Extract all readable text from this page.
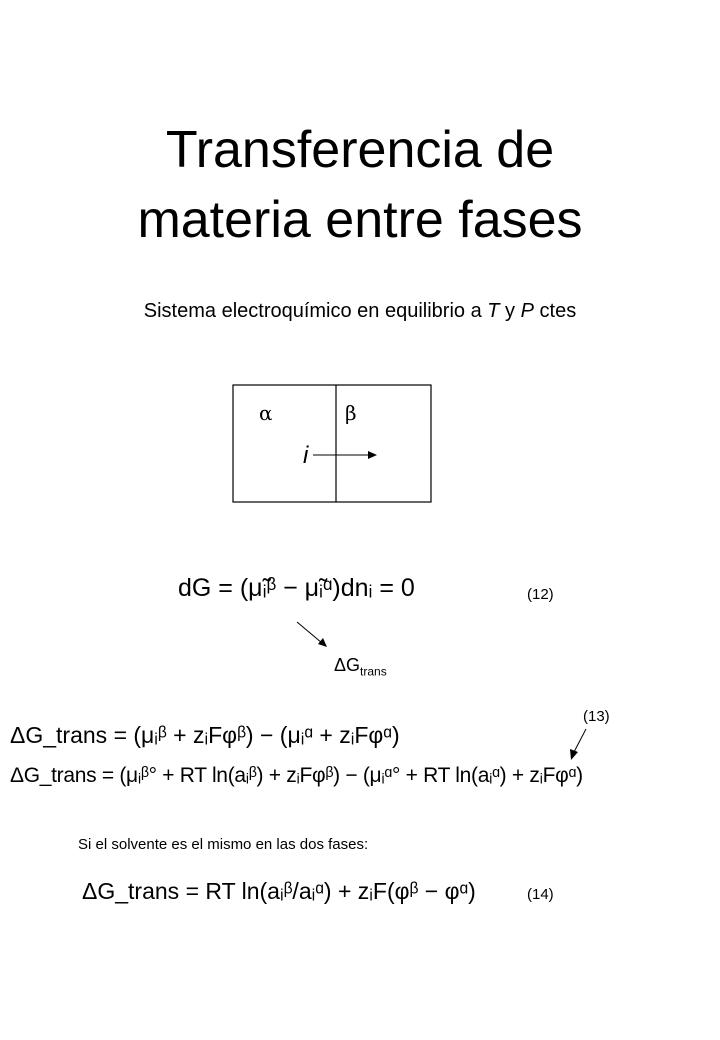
Transferencia de
materia entre fases
Sistema electroquímico en equilibrio a T y P ctes
α	β
i
dG = (μ̃ᵢᵝ − μ̃ᵢᵅ)dnᵢ = 0	(12)
$\Delta G_{trans}$
(13)
ΔG_trans = (μᵢᵝ + zᵢFφᵝ) − (μᵢᵅ + zᵢFφᵅ)
ΔG_trans = (μᵢᵝ° + RT ln(aᵢᵝ) + zᵢFφᵝ) − (μᵢᵅ° + RT ln(aᵢᵅ) + zᵢFφᵅ)
Si el solvente es el mismo en las dos fases:
ΔG_trans = RT ln(aᵢᵝ/aᵢᵅ) + zᵢF(φᵝ − φᵅ)	(14)
